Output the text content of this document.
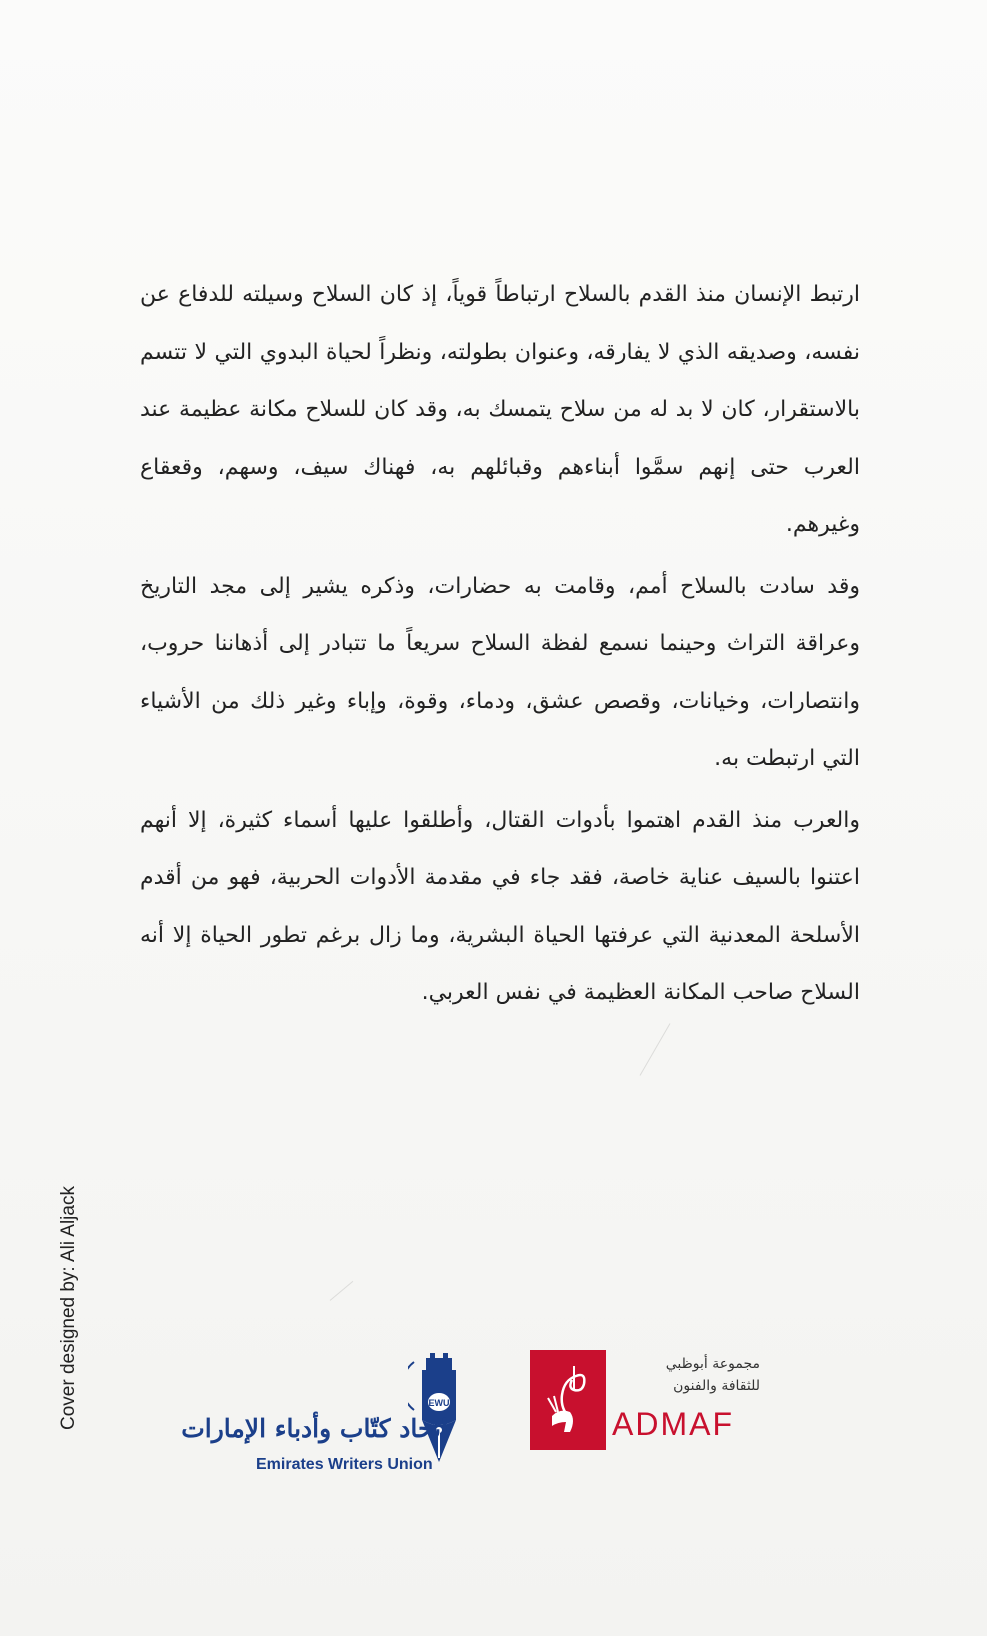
ارتبط الإنسان منذ القدم بالسلاح ارتباطاً قوياً، إذ كان السلاح وسيلته للدفاع عن نفسه، وصديقه الذي لا يفارقه، وعنوان بطولته، ونظراً لحياة البدوي التي لا تتسم بالاستقرار، كان لا بد له من سلاح يتمسك به، وقد كان للسلاح مكانة عظيمة عند العرب حتى إنهم سمَّوا أبناءهم وقبائلهم به، فهناك سيف، وسهم، وقعقاع وغيرهم.

وقد سادت بالسلاح أمم، وقامت به حضارات، وذكره يشير إلى مجد التاريخ وعراقة التراث وحينما نسمع لفظة السلاح سريعاً ما تتبادر إلى أذهاننا حروب، وانتصارات، وخيانات، وقصص عشق، ودماء، وقوة، وإباء وغير ذلك من الأشياء التي ارتبطت به.

والعرب منذ القدم اهتموا بأدوات القتال، وأطلقوا عليها أسماء كثيرة، إلا أنهم اعتنوا بالسيف عناية خاصة، فقد جاء في مقدمة الأدوات الحربية، فهو من أقدم الأسلحة المعدنية التي عرفتها الحياة البشرية، وما زال برغم تطور الحياة إلا أنه السلاح صاحب المكانة العظيمة في نفس العربي.

Cover designed by: Ali Aljack	EWU
اتحاد كتّاب وأدباء الإمارات
Emirates Writers Union
مجموعة أبوظبي
للثقافة والفنون
ADMAF
